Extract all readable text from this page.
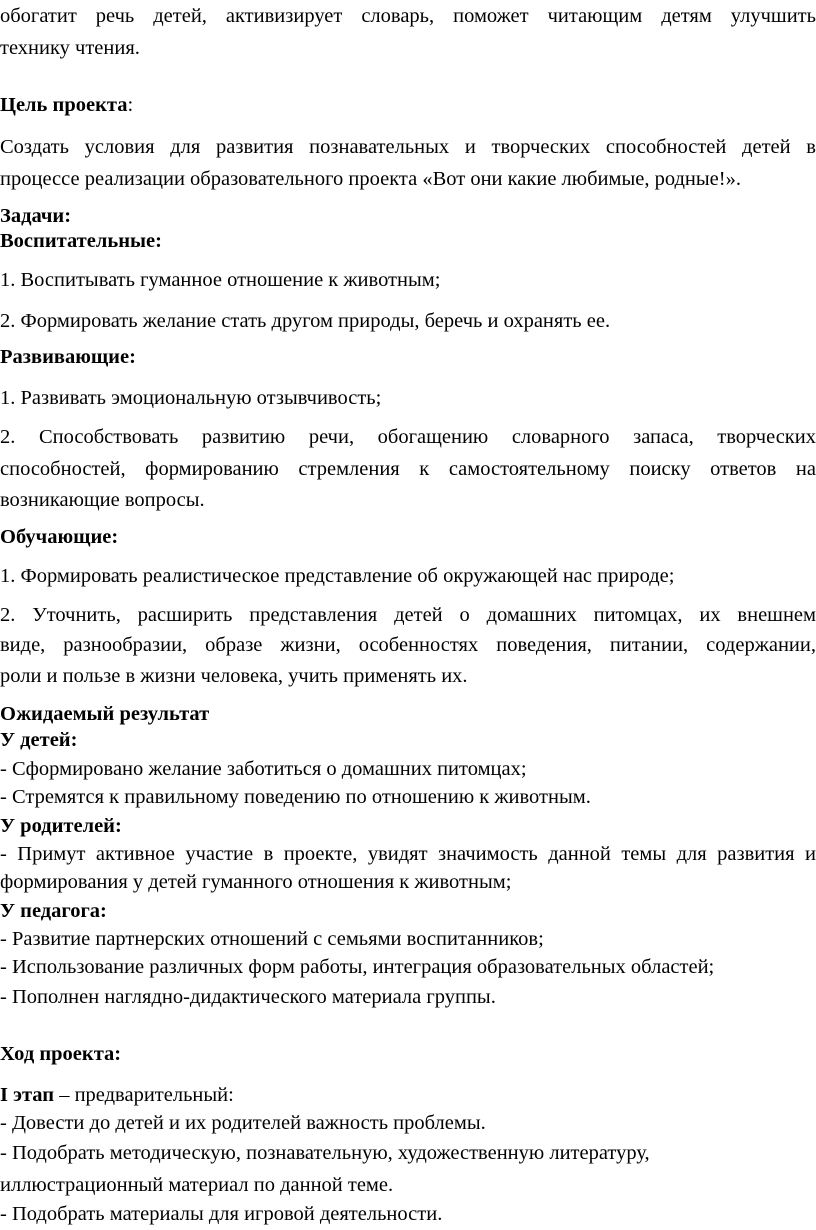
обогатит речь детей, активизирует словарь, поможет читающим детям улучшить
технику чтения.
Цель проекта:
Создать условия для развития познавательных и творческих способностей детей в
процессе реализации образовательного проекта «Вот они какие любимые, родные!».
Задачи:
Воспитательные:
1. Воспитывать гуманное отношение к животным;
2. Формировать желание стать другом природы, беречь и охранять ее.
Развивающие:
1. Развивать эмоциональную отзывчивость;
2. Способствовать развитию речи, обогащению словарного запаса, творческих
способностей, формированию стремления к самостоятельному поиску ответов на
возникающие вопросы.
Обучающие:
1. Формировать реалистическое представление об окружающей нас природе;
2. Уточнить, расширить представления детей о домашних питомцах, их внешнем
виде, разнообразии, образе жизни, особенностях поведения, питании, содержании,
роли и пользе в жизни человека, учить применять их.
Ожидаемый результат
У детей:
- Сформировано желание заботиться о домашних питомцах;
- Стремятся к правильному поведению по отношению к животным.
У родителей:
- Примут активное участие в проекте, увидят значимость данной темы для развития и
формирования у детей гуманного отношения к животным;
У педагога:
- Развитие партнерских отношений с семьями воспитанников;
- Использование различных форм работы, интеграция образовательных областей;
- Пополнен наглядно-дидактического материала группы.
Ход проекта:
I этап – предварительный:
- Довести до детей и их родителей важность проблемы.
- Подобрать методическую, познавательную, художественную литературу,
иллюстрационный материал по данной теме.
- Подобрать материалы для игровой деятельности.
